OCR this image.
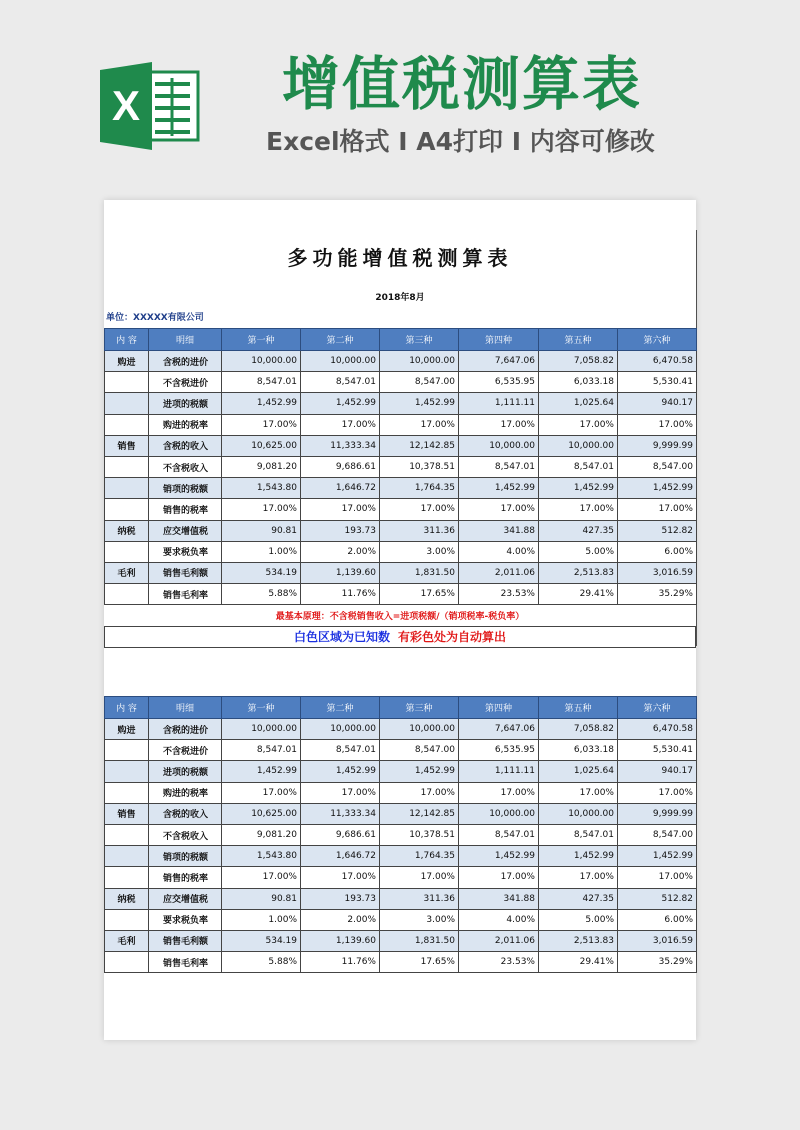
X 增值税测算表
Excel格式 I A4打印 I 内容可修改
多功能增值税测算表
2018年8月
单位：XXXXX有限公司
内 容	明细	第一种	第二种	第三种	第四种	第五种	第六种
购进	含税的进价	10,000.00	10,000.00	10,000.00	7,647.06	7,058.82	6,470.58
	不含税进价	8,547.01	8,547.01	8,547.00	6,535.95	6,033.18	5,530.41
	进项的税额	1,452.99	1,452.99	1,452.99	1,111.11	1,025.64	940.17
	购进的税率	17.00%	17.00%	17.00%	17.00%	17.00%	17.00%
销售	含税的收入	10,625.00	11,333.34	12,142.85	10,000.00	10,000.00	9,999.99
	不含税收入	9,081.20	9,686.61	10,378.51	8,547.01	8,547.01	8,547.00
	销项的税额	1,543.80	1,646.72	1,764.35	1,452.99	1,452.99	1,452.99
	销售的税率	17.00%	17.00%	17.00%	17.00%	17.00%	17.00%
纳税	应交增值税	90.81	193.73	311.36	341.88	427.35	512.82
	要求税负率	1.00%	2.00%	3.00%	4.00%	5.00%	6.00%
毛利	销售毛利额	534.19	1,139.60	1,831.50	2,011.06	2,513.83	3,016.59
	销售毛利率	5.88%	11.76%	17.65%	23.53%	29.41%	35.29%
最基本原理：不含税销售收入=进项税额/（销项税率-税负率）
白色区域为已知数 有彩色处为自动算出
内 容	明细	第一种	第二种	第三种	第四种	第五种	第六种
购进	含税的进价	10,000.00	10,000.00	10,000.00	7,647.06	7,058.82	6,470.58
	不含税进价	8,547.01	8,547.01	8,547.00	6,535.95	6,033.18	5,530.41
	进项的税额	1,452.99	1,452.99	1,452.99	1,111.11	1,025.64	940.17
	购进的税率	17.00%	17.00%	17.00%	17.00%	17.00%	17.00%
销售	含税的收入	10,625.00	11,333.34	12,142.85	10,000.00	10,000.00	9,999.99
	不含税收入	9,081.20	9,686.61	10,378.51	8,547.01	8,547.01	8,547.00
	销项的税额	1,543.80	1,646.72	1,764.35	1,452.99	1,452.99	1,452.99
	销售的税率	17.00%	17.00%	17.00%	17.00%	17.00%	17.00%
纳税	应交增值税	90.81	193.73	311.36	341.88	427.35	512.82
	要求税负率	1.00%	2.00%	3.00%	4.00%	5.00%	6.00%
毛利	销售毛利额	534.19	1,139.60	1,831.50	2,011.06	2,513.83	3,016.59
	销售毛利率	5.88%	11.76%	17.65%	23.53%	29.41%	35.29%
